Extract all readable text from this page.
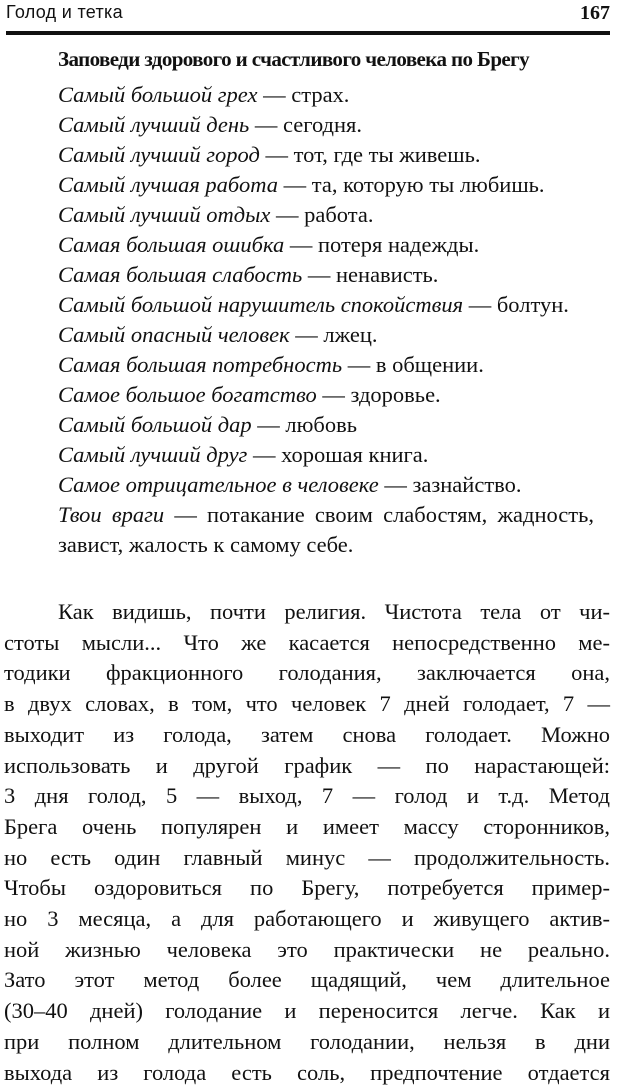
Голод и тетка	167
Заповеди здорового и счастливого человека по Брегу
Самый большой грех — страх.
Самый лучший день — сегодня.
Самый лучший город — тот, где ты живешь.
Самый лучшая работа — та, которую ты любишь.
Самый лучший отдых — работа.
Самая большая ошибка — потеря надежды.
Самая большая слабость — ненависть.
Самый большой нарушитель спокойствия — болтун.
Самый опасный человек — лжец.
Самая большая потребность — в общении.
Самое большое богатство — здоровье.
Самый большой дар — любовь
Самый лучший друг — хорошая книга.
Самое отрицательное в человеке — зазнайство.
Твои враги — потакание своим слабостям, жадность, завист, жалость к самому себе.
Как видишь, почти религия. Чистота тела от чи-
стоты мысли... Что же касается непосредственно ме-
тодики фракционного голодания, заключается она,
в двух словах, в том, что человек 7 дней голодает, 7 —
выходит из голода, затем снова голодает. Можно
использовать и другой график — по нарастающей:
3 дня голод, 5 — выход, 7 — голод и т.д. Метод
Брега очень популярен и имеет массу сторонников,
но есть один главный минус — продолжительность.
Чтобы оздоровиться по Брегу, потребуется пример-
но 3 месяца, а для работающего и живущего актив-
ной жизнью человека это практически не реально.
Зато этот метод более щадящий, чем длительное
(30–40 дней) голодание и переносится легче. Как и
при полном длительном голодании, нельзя в дни
выхода из голода есть соль, предпочтение отдается
